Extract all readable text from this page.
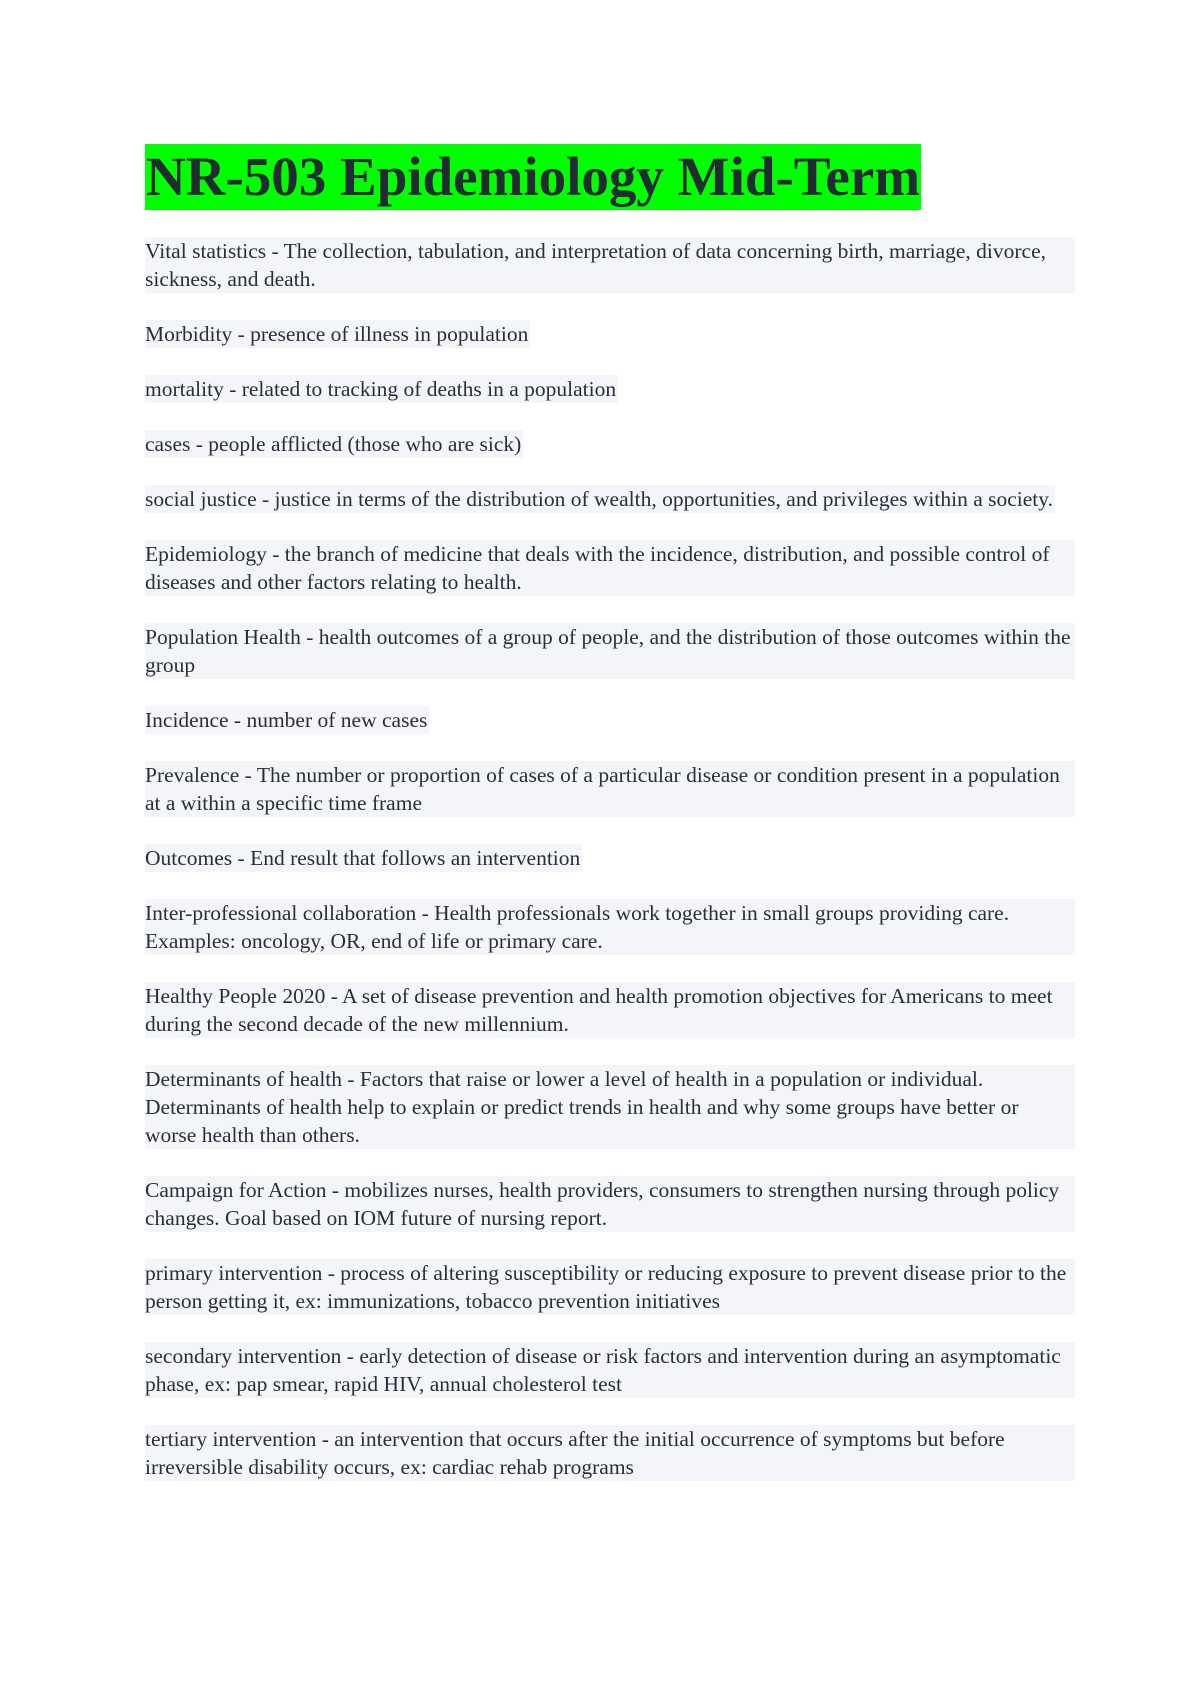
NR-503 Epidemiology Mid-Term
Vital statistics - The collection, tabulation, and interpretation of data concerning birth, marriage, divorce, sickness, and death.
Morbidity - presence of illness in population
mortality - related to tracking of deaths in a population
cases - people afflicted (those who are sick)
social justice - justice in terms of the distribution of wealth, opportunities, and privileges within a society.
Epidemiology - the branch of medicine that deals with the incidence, distribution, and possible control of diseases and other factors relating to health.
Population Health - health outcomes of a group of people, and the distribution of those outcomes within the group
Incidence - number of new cases
Prevalence - The number or proportion of cases of a particular disease or condition present in a population at a within a specific time frame
Outcomes - End result that follows an intervention
Inter-professional collaboration - Health professionals work together in small groups providing care. Examples: oncology, OR, end of life or primary care.
Healthy People 2020 - A set of disease prevention and health promotion objectives for Americans to meet during the second decade of the new millennium.
Determinants of health - Factors that raise or lower a level of health in a population or individual. Determinants of health help to explain or predict trends in health and why some groups have better or worse health than others.
Campaign for Action - mobilizes nurses, health providers, consumers to strengthen nursing through policy changes. Goal based on IOM future of nursing report.
primary intervention - process of altering susceptibility or reducing exposure to prevent disease prior to the person getting it, ex: immunizations, tobacco prevention initiatives
secondary intervention - early detection of disease or risk factors and intervention during an asymptomatic phase, ex: pap smear, rapid HIV, annual cholesterol test
tertiary intervention - an intervention that occurs after the initial occurrence of symptoms but before irreversible disability occurs, ex: cardiac rehab programs
